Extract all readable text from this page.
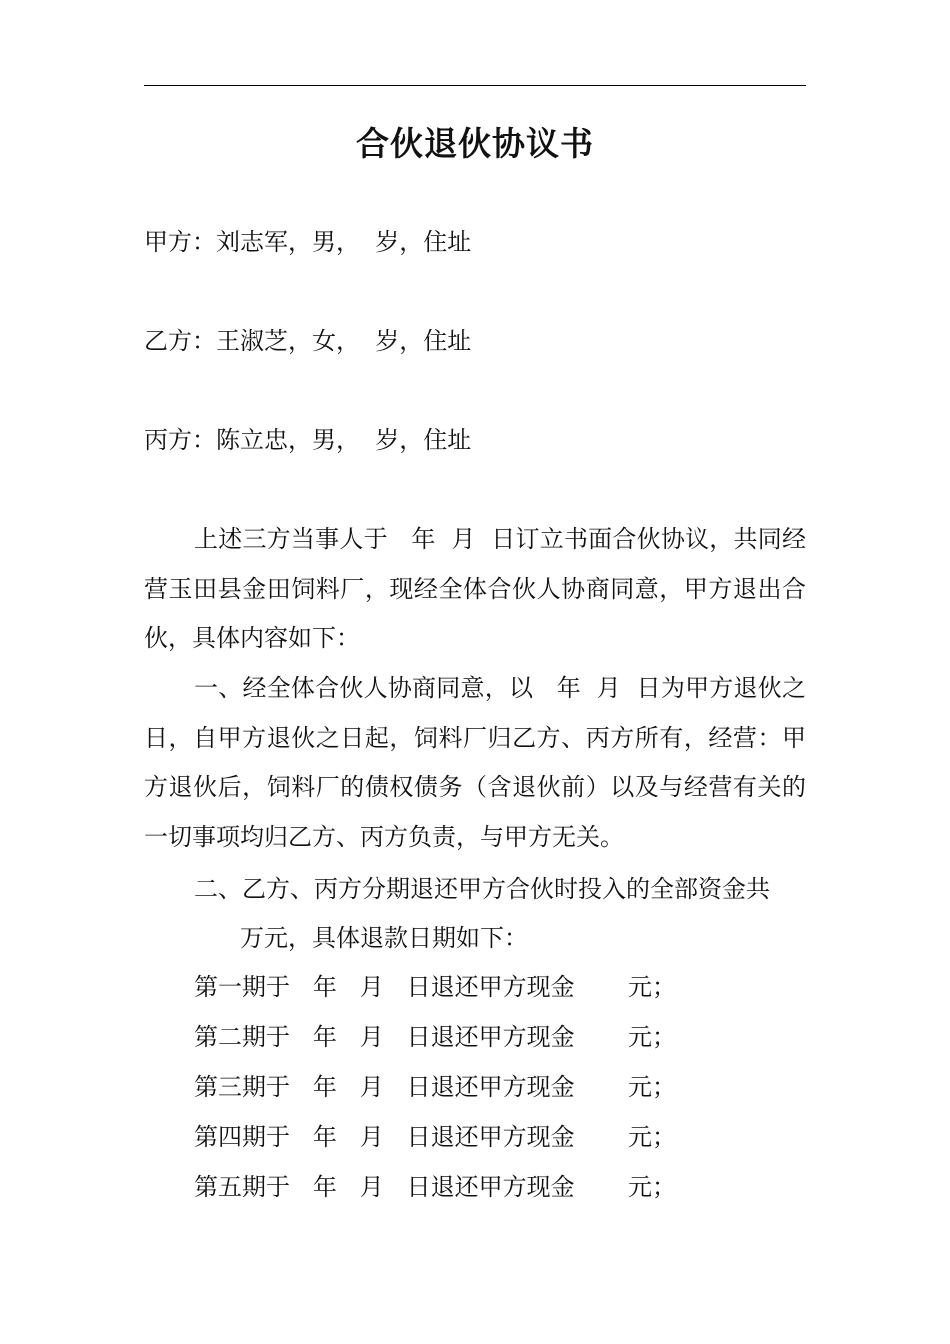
合伙退伙协议书
甲方：刘志军，男，  岁，住址
乙方：王淑芝，女，  岁，住址
丙方：陈立忠，男，  岁，住址
上述三方当事人于   年  月  日订立书面合伙协议，共同经营玉田县金田饲料厂，现经全体合伙人协商同意，甲方退出合伙，具体内容如下：
一、经全体合伙人协商同意，以   年  月  日为甲方退伙之日，自甲方退伙之日起，饲料厂归乙方、丙方所有，经营：甲方退伙后，饲料厂的债权债务（含退伙前）以及与经营有关的一切事项均归乙方、丙方负责，与甲方无关。
二、乙方、丙方分期退还甲方合伙时投入的全部资金共
万元，具体退款日期如下：
第一期于   年   月   日退还甲方现金       元；
第二期于   年   月   日退还甲方现金       元；
第三期于   年   月   日退还甲方现金       元；
第四期于   年   月   日退还甲方现金       元；
第五期于   年   月   日退还甲方现金       元；
